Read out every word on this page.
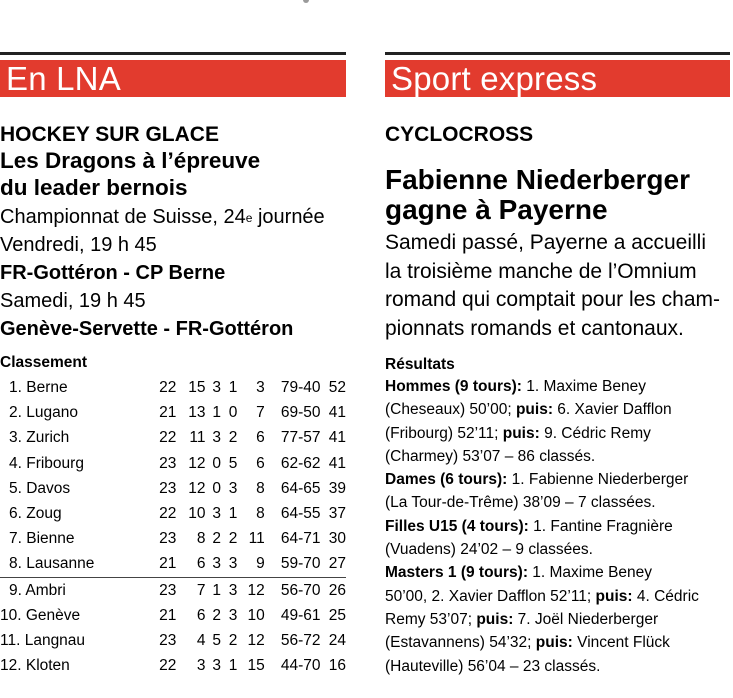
En LNA
HOCKEY SUR GLACE
Les Dragons à l’épreuve
du leader bernois
Championnat de Suisse, 24e journée
Vendredi, 19 h 45
FR-Gottéron - CP Berne
Samedi, 19 h 45
Genève-Servette - FR-Gottéron
Classement
1. Berne	22	15	3	1	3	79-40	52
2. Lugano	21	13	1	0	7	69-50	41
3. Zurich	22	11	3	2	6	77-57	41
4. Fribourg	23	12	0	5	6	62-62	41
5. Davos	23	12	0	3	8	64-65	39
6. Zoug	22	10	3	1	8	64-55	37
7. Bienne	23	8	2	2	11	64-71	30
8. Lausanne	21	6	3	3	9	59-70	27
9. Ambri	23	7	1	3	12	56-70	26
10. Genève	21	6	2	3	10	49-61	25
11. Langnau	23	4	5	2	12	56-72	24
12. Kloten	22	3	3	1	15	44-70	16
Sport express
CYCLOCROSS
Fabienne Niederberger
gagne à Payerne
Samedi passé, Payerne a accueilli
la troisième manche de l’Omnium
romand qui comptait pour les cham-
pionnats romands et cantonaux.
Résultats
Hommes (9 tours): 1. Maxime Beney
(Cheseaux) 50’00; puis: 6. Xavier Dafflon
(Fribourg) 52’11; puis: 9. Cédric Remy
(Charmey) 53’07 – 86 classés.
Dames (6 tours): 1. Fabienne Niederberger
(La Tour-de-Trême) 38’09 – 7 classées.
Filles U15 (4 tours): 1. Fantine Fragnière
(Vuadens) 24’02 – 9 classées.
Masters 1 (9 tours): 1. Maxime Beney
50’00, 2. Xavier Dafflon 52’11; puis: 4. Cédric
Remy 53’07; puis: 7. Joël Niederberger
(Estavannens) 54’32; puis: Vincent Flück
(Hauteville) 56’04 – 23 classés.
